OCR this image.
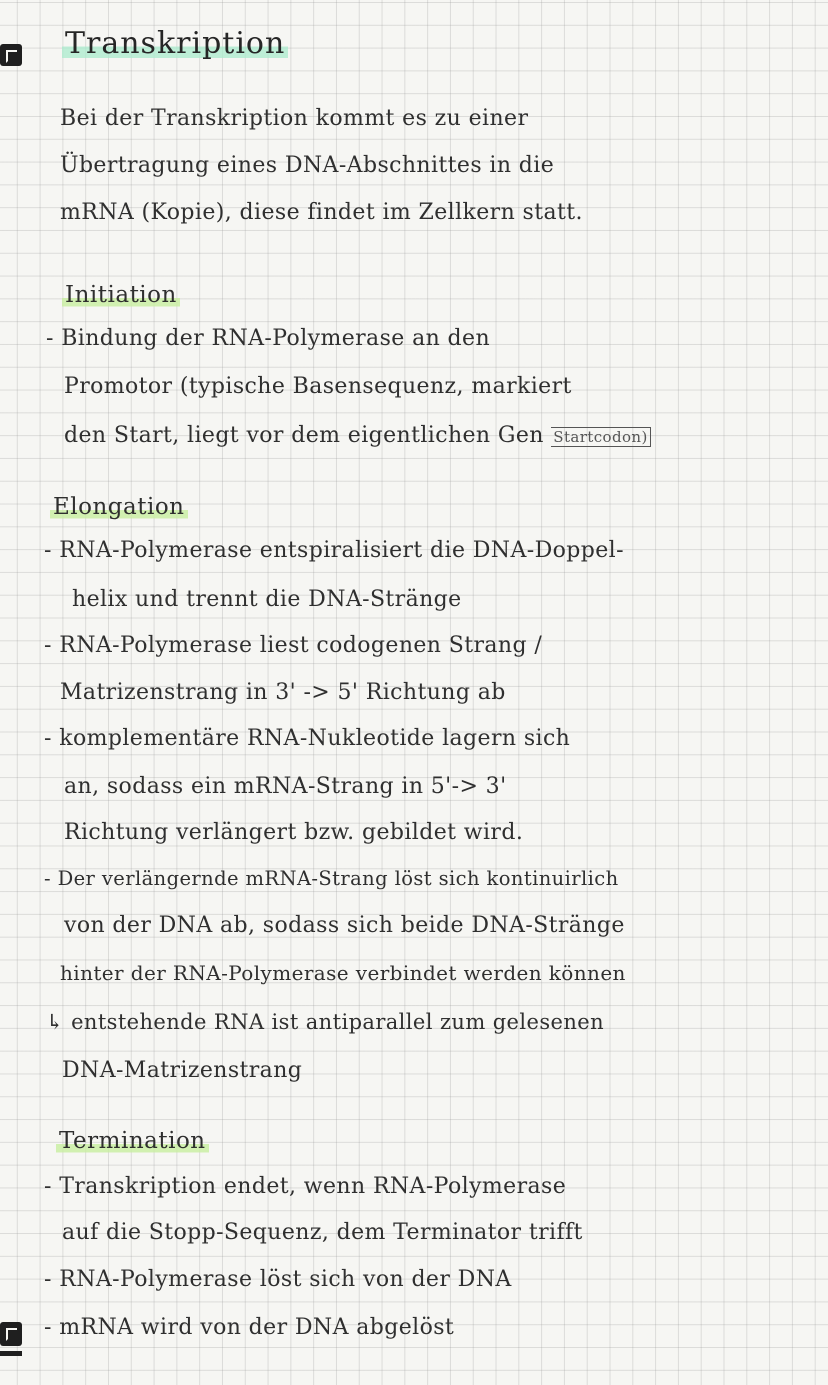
Transkription
Bei der Transkription kommt es zu einer
Übertragung eines DNA-Abschnittes in die
mRNA (Kopie), diese findet im Zellkern statt.
Initiation
- Bindung der RNA-Polymerase an den
Promotor (typische Basensequenz, markiert
den Start, liegt vor dem eigentlichen Gen Startcodon)
Elongation
- RNA-Polymerase entspiralisiert die DNA-Doppel-
helix und trennt die DNA-Stränge
- RNA-Polymerase liest codogenen Strang /
Matrizenstrang in 3' -> 5' Richtung ab
- komplementäre RNA-Nukleotide lagern sich
an, sodass ein mRNA-Strang in 5'-> 3'
Richtung verlängert bzw. gebildet wird.
- Der verlängernde mRNA-Strang löst sich kontinuirlich
von der DNA ab, sodass sich beide DNA-Stränge
hinter der RNA-Polymerase verbindet werden können
↳ entstehende RNA ist antiparallel zum gelesenen
DNA-Matrizenstrang
Termination
- Transkription endet, wenn RNA-Polymerase
auf die Stopp-Sequenz, dem Terminator trifft
- RNA-Polymerase löst sich von der DNA
- mRNA wird von der DNA abgelöst
